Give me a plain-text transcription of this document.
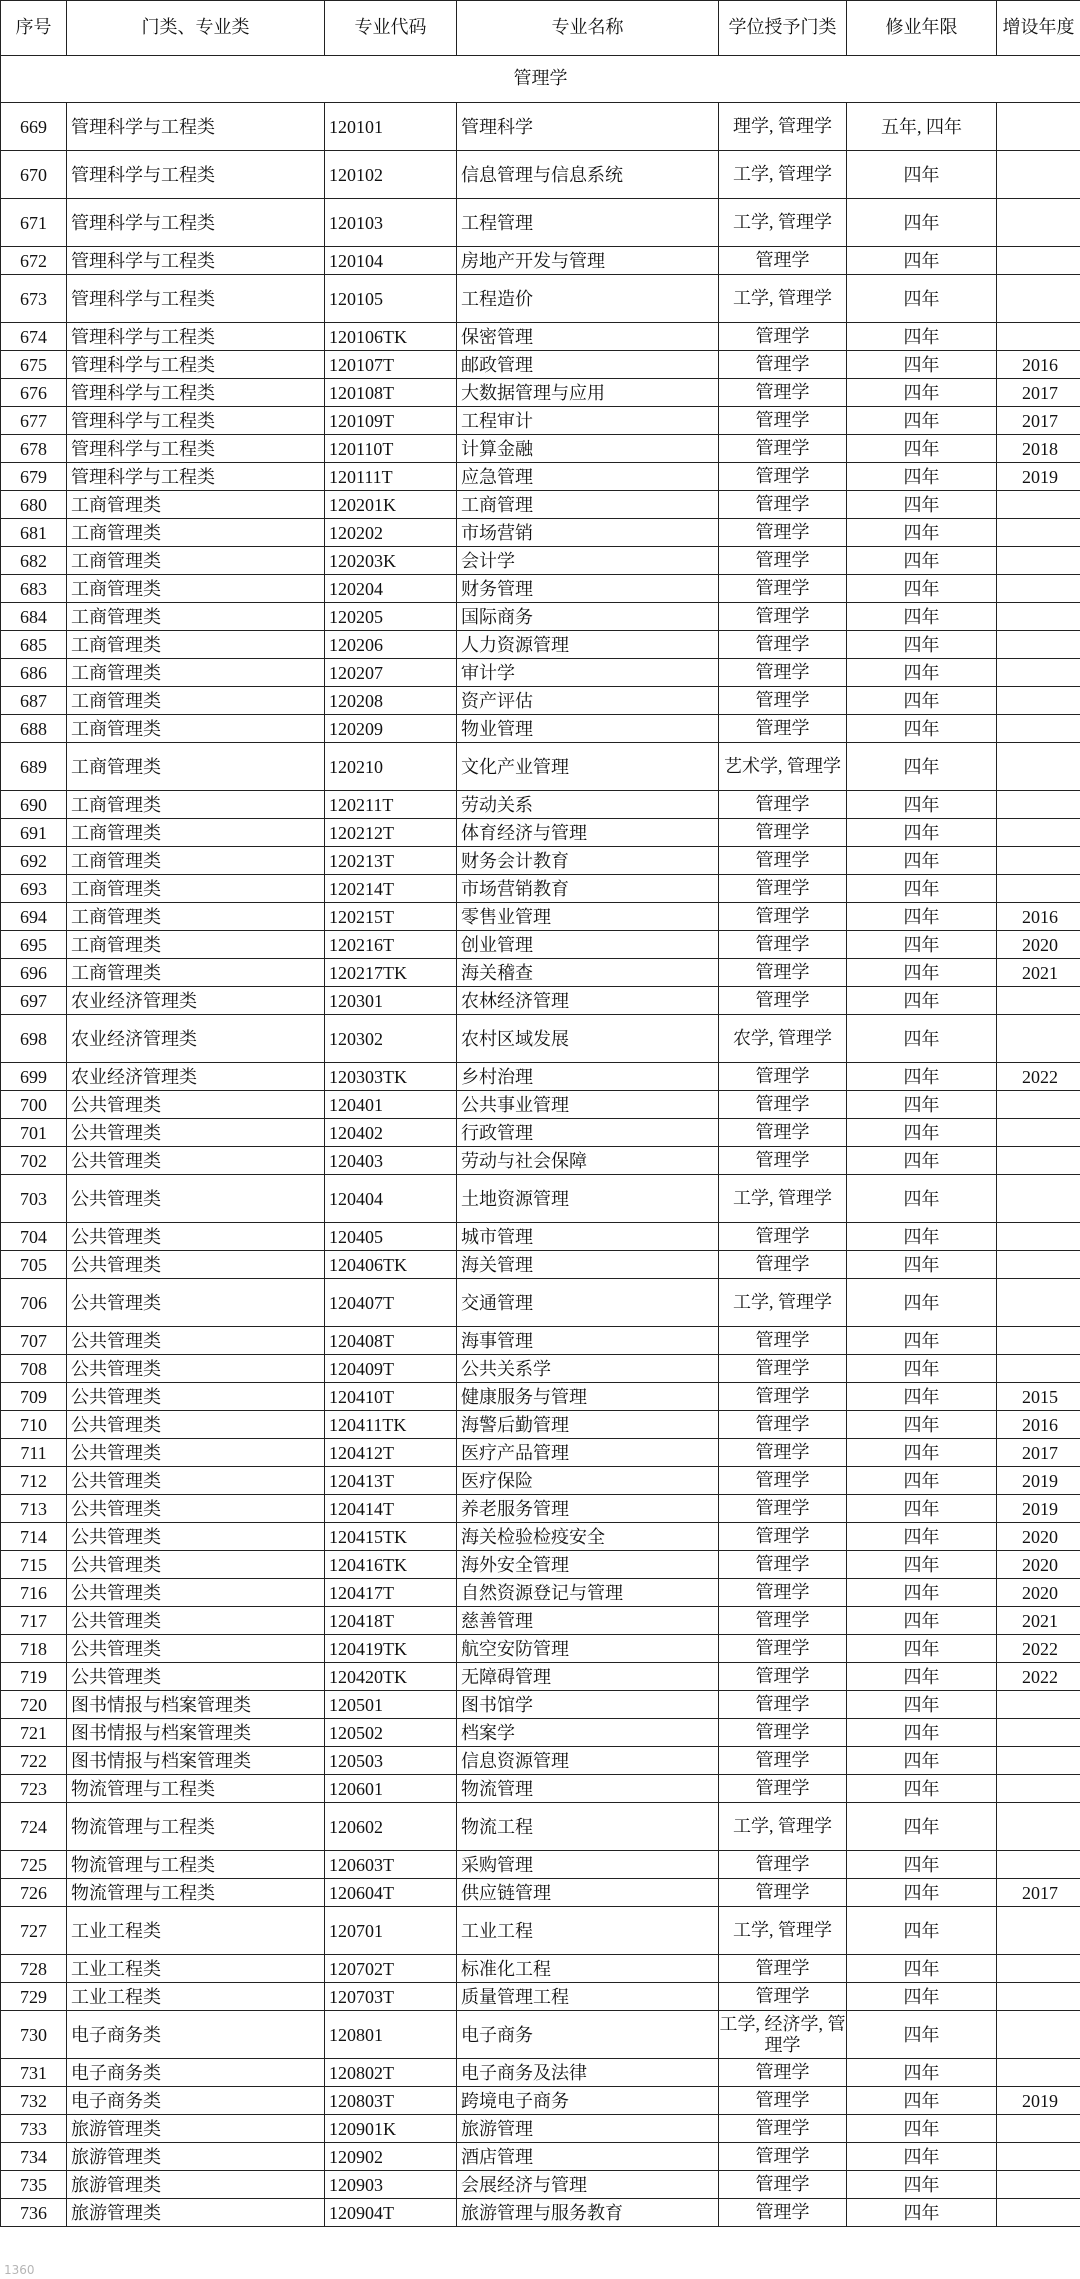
序号	门类、专业类	专业代码	专业名称	学位授予门类	修业年限	增设年度
管理学						
669	管理科学与工程类	120101	管理科学	理学, 管理学	五年, 四年	
670	管理科学与工程类	120102	信息管理与信息系统	工学, 管理学	四年	
671	管理科学与工程类	120103	工程管理	工学, 管理学	四年	
672	管理科学与工程类	120104	房地产开发与管理	管理学	四年	
673	管理科学与工程类	120105	工程造价	工学, 管理学	四年	
674	管理科学与工程类	120106TK	保密管理	管理学	四年	
675	管理科学与工程类	120107T	邮政管理	管理学	四年	2016
676	管理科学与工程类	120108T	大数据管理与应用	管理学	四年	2017
677	管理科学与工程类	120109T	工程审计	管理学	四年	2017
678	管理科学与工程类	120110T	计算金融	管理学	四年	2018
679	管理科学与工程类	120111T	应急管理	管理学	四年	2019
680	工商管理类	120201K	工商管理	管理学	四年	
681	工商管理类	120202	市场营销	管理学	四年	
682	工商管理类	120203K	会计学	管理学	四年	
683	工商管理类	120204	财务管理	管理学	四年	
684	工商管理类	120205	国际商务	管理学	四年	
685	工商管理类	120206	人力资源管理	管理学	四年	
686	工商管理类	120207	审计学	管理学	四年	
687	工商管理类	120208	资产评估	管理学	四年	
688	工商管理类	120209	物业管理	管理学	四年	
689	工商管理类	120210	文化产业管理	艺术学, 管理学	四年	
690	工商管理类	120211T	劳动关系	管理学	四年	
691	工商管理类	120212T	体育经济与管理	管理学	四年	
692	工商管理类	120213T	财务会计教育	管理学	四年	
693	工商管理类	120214T	市场营销教育	管理学	四年	
694	工商管理类	120215T	零售业管理	管理学	四年	2016
695	工商管理类	120216T	创业管理	管理学	四年	2020
696	工商管理类	120217TK	海关稽查	管理学	四年	2021
697	农业经济管理类	120301	农林经济管理	管理学	四年	
698	农业经济管理类	120302	农村区域发展	农学, 管理学	四年	
699	农业经济管理类	120303TK	乡村治理	管理学	四年	2022
700	公共管理类	120401	公共事业管理	管理学	四年	
701	公共管理类	120402	行政管理	管理学	四年	
702	公共管理类	120403	劳动与社会保障	管理学	四年	
703	公共管理类	120404	土地资源管理	工学, 管理学	四年	
704	公共管理类	120405	城市管理	管理学	四年	
705	公共管理类	120406TK	海关管理	管理学	四年	
706	公共管理类	120407T	交通管理	工学, 管理学	四年	
707	公共管理类	120408T	海事管理	管理学	四年	
708	公共管理类	120409T	公共关系学	管理学	四年	
709	公共管理类	120410T	健康服务与管理	管理学	四年	2015
710	公共管理类	120411TK	海警后勤管理	管理学	四年	2016
711	公共管理类	120412T	医疗产品管理	管理学	四年	2017
712	公共管理类	120413T	医疗保险	管理学	四年	2019
713	公共管理类	120414T	养老服务管理	管理学	四年	2019
714	公共管理类	120415TK	海关检验检疫安全	管理学	四年	2020
715	公共管理类	120416TK	海外安全管理	管理学	四年	2020
716	公共管理类	120417T	自然资源登记与管理	管理学	四年	2020
717	公共管理类	120418T	慈善管理	管理学	四年	2021
718	公共管理类	120419TK	航空安防管理	管理学	四年	2022
719	公共管理类	120420TK	无障碍管理	管理学	四年	2022
720	图书情报与档案管理类	120501	图书馆学	管理学	四年	
721	图书情报与档案管理类	120502	档案学	管理学	四年	
722	图书情报与档案管理类	120503	信息资源管理	管理学	四年	
723	物流管理与工程类	120601	物流管理	管理学	四年	
724	物流管理与工程类	120602	物流工程	工学, 管理学	四年	
725	物流管理与工程类	120603T	采购管理	管理学	四年	
726	物流管理与工程类	120604T	供应链管理	管理学	四年	2017
727	工业工程类	120701	工业工程	工学, 管理学	四年	
728	工业工程类	120702T	标准化工程	管理学	四年	
729	工业工程类	120703T	质量管理工程	管理学	四年	
730	电子商务类	120801	电子商务	工学, 经济学, 管理学	四年	
731	电子商务类	120802T	电子商务及法律	管理学	四年	
732	电子商务类	120803T	跨境电子商务	管理学	四年	2019
733	旅游管理类	120901K	旅游管理	管理学	四年	
734	旅游管理类	120902	酒店管理	管理学	四年	
735	旅游管理类	120903	会展经济与管理	管理学	四年	
736	旅游管理类	120904T	旅游管理与服务教育	管理学	四年	
1360
